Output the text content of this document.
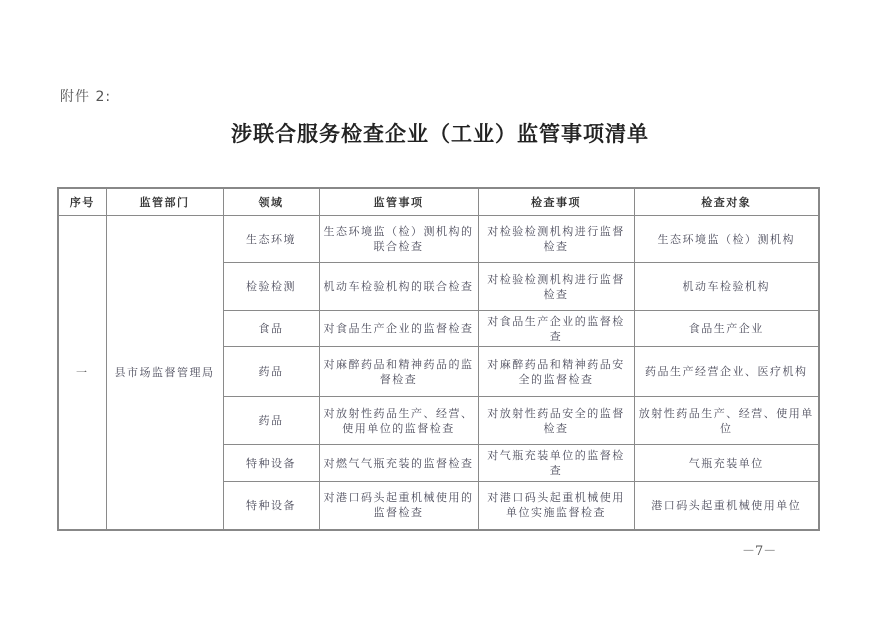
附件 2:
涉联合服务检查企业（工业）监管事项清单
序号	监管部门	领域	监管事项	检查事项	检查对象
一	县市场监督管理局	生态环境	生态环境监（检）测机构的联合检查	对检验检测机构进行监督检查	生态环境监（检）测机构
		检验检测	机动车检验机构的联合检查	对检验检测机构进行监督检查	机动车检验机构
		食品	对食品生产企业的监督检查	对食品生产企业的监督检查	食品生产企业
		药品	对麻醉药品和精神药品的监督检查	对麻醉药品和精神药品安全的监督检查	药品生产经营企业、医疗机构
		药品	对放射性药品生产、经营、使用单位的监督检查	对放射性药品安全的监督检查	放射性药品生产、经营、使用单位
		特种设备	对燃气气瓶充装的监督检查	对气瓶充装单位的监督检查	气瓶充装单位
		特种设备	对港口码头起重机械使用的监督检查	对港口码头起重机械使用单位实施监督检查	港口码头起重机械使用单位
－7－
